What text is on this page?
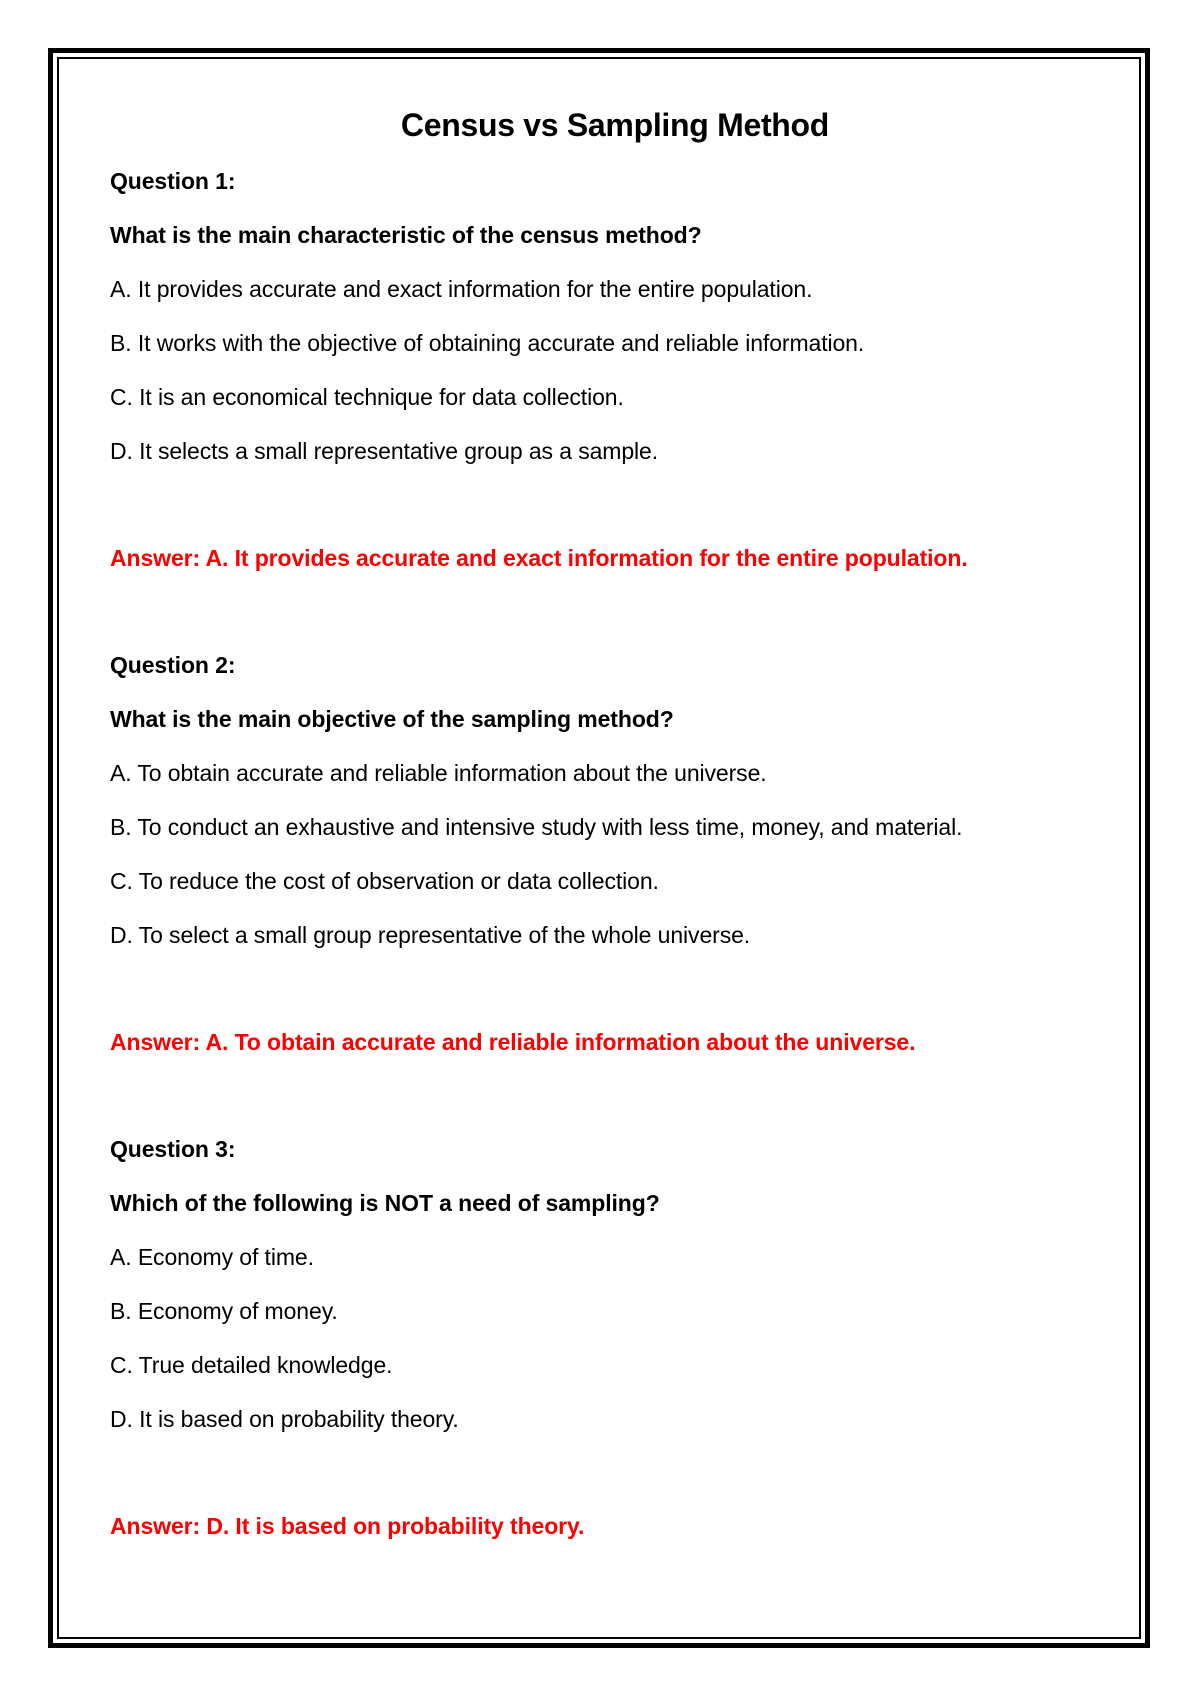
Census vs Sampling Method

Question 1:

What is the main characteristic of the census method?

A. It provides accurate and exact information for the entire population.

B. It works with the objective of obtaining accurate and reliable information.

C. It is an economical technique for data collection.

D. It selects a small representative group as a sample.

Answer: A. It provides accurate and exact information for the entire population.

Question 2:

What is the main objective of the sampling method?

A. To obtain accurate and reliable information about the universe.

B. To conduct an exhaustive and intensive study with less time, money, and material.

C. To reduce the cost of observation or data collection.

D. To select a small group representative of the whole universe.

Answer: A. To obtain accurate and reliable information about the universe.

Question 3:

Which of the following is NOT a need of sampling?

A. Economy of time.

B. Economy of money.

C. True detailed knowledge.

D. It is based on probability theory.

Answer: D. It is based on probability theory.
